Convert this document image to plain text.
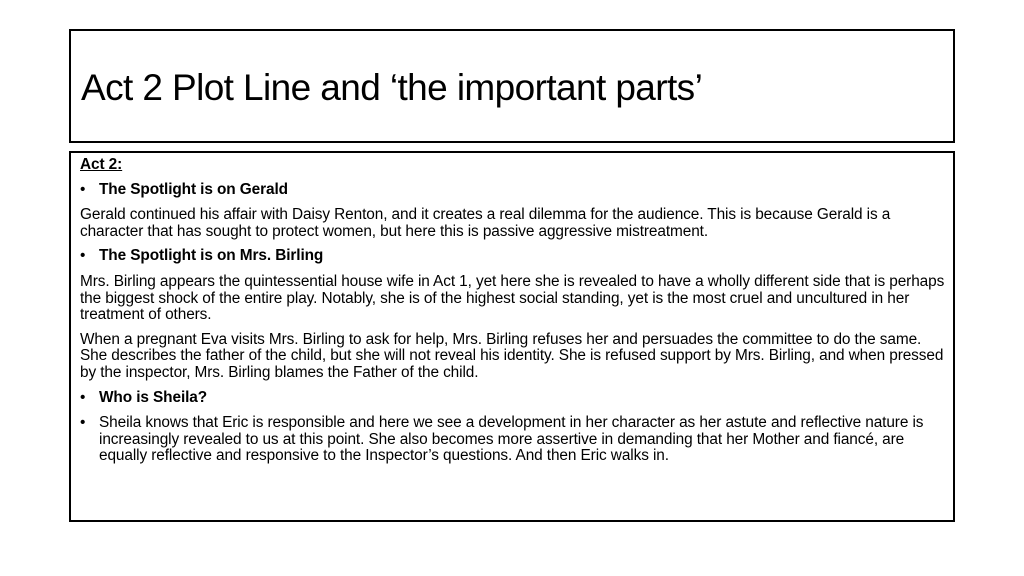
Act 2 Plot Line and ‘the important parts’
Act 2:
• The Spotlight is on Gerald
Gerald continued his affair with Daisy Renton, and it creates a real dilemma for the audience. This is because Gerald is a character that has sought to protect women, but here this is passive aggressive mistreatment.
• The Spotlight is on Mrs. Birling
Mrs. Birling appears the quintessential house wife in Act 1, yet here she is revealed to have a wholly different side that is perhaps the biggest shock of the entire play. Notably, she is of the highest social standing, yet is the most cruel and uncultured in her treatment of others.
When a pregnant Eva visits Mrs. Birling to ask for help, Mrs. Birling refuses her and persuades the committee to do the same. She describes the father of the child, but she will not reveal his identity. She is refused support by Mrs. Birling, and when pressed by the inspector, Mrs. Birling blames the Father of the child.
• Who is Sheila?
• Sheila knows that Eric is responsible and here we see a development in her character as her astute and reflective nature is increasingly revealed to us at this point. She also becomes more assertive in demanding that her Mother and fiancé, are equally reflective and responsive to the Inspector’s questions. And then Eric walks in.
